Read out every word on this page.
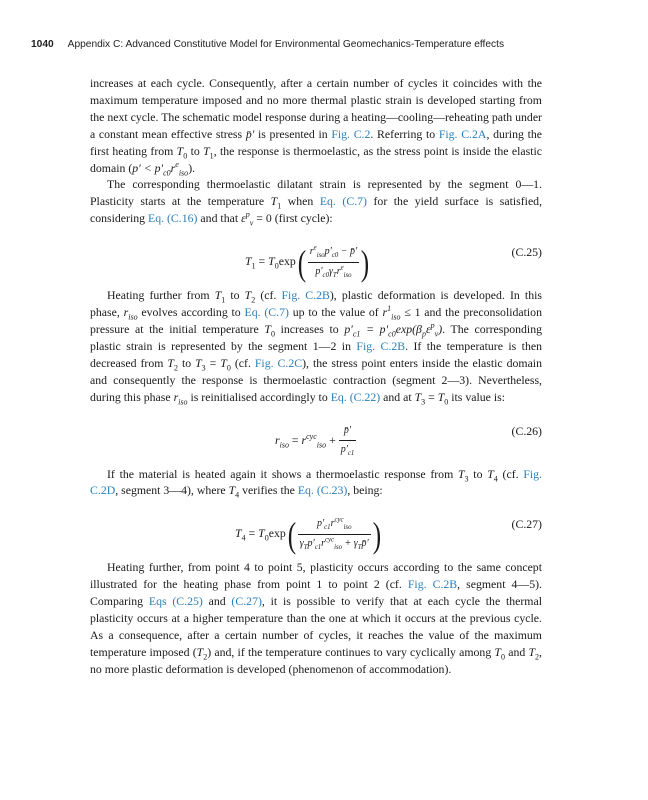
1040 Appendix C: Advanced Constitutive Model for Environmental Geomechanics-Temperature effects

increases at each cycle. Consequently, after a certain number of cycles it coincides with the maximum temperature imposed and no more thermal plastic strain is developed starting from the next cycle. The schematic model response during a heating—cooling—reheating path under a constant mean effective stress p̄′ is presented in Fig. C.2. Referring to Fig. C.2A, during the first heating from $T_0$ to $T_1$, the response is thermoelastic, as the stress point is inside the elastic domain $(p' < p'_{c0}r^e_{iso})$.

The corresponding thermoelastic dilatant strain is represented by the segment 0—1. Plasticity starts at the temperature $T_1$ when Eq. (C.7) for the yield surface is satisfied, considering Eq. (C.16) and that $\varepsilon^p_v = 0$ (first cycle):

$T_1 = T_0\exp( \frac{r^e_{iso}p'_{c0} - p̄'}{p'_{c0}\gamma_Tr^e_{iso}}$ )	(C.25)

Heating further from $T_1$ to $T_2$ (cf. Fig. C.2B), plastic deformation is developed. In this phase, $r_{iso}$ evolves according to Eq. (C.7) up to the value of $r^1_{iso} \le 1$ and the preconsolidation pressure at the initial temperature $T_0$ increases to $p'_{c1} = p'_{c0}\exp(\beta_p\varepsilon^p_v)$. The corresponding plastic strain is represented by the segment 1—2 in Fig. C.2B. If the temperature is then decreased from $T_2$ to $T_3 = T_0$ (cf. Fig. C.2C), the stress point enters inside the elastic domain and consequently the response is thermoelastic contraction (segment 2—3). Nevertheless, during this phase $r_{iso}$ is reinitialised accordingly to Eq. (C.22) and at $T_3 = T_0$ its value is:

$r_{iso} = r^{cyc}_{iso} + \frac{p̄'}{p'_{c1}}$	(C.26)

If the material is heated again it shows a thermoelastic response from $T_3$ to $T_4$ (cf. Fig. C.2D, segment 3—4), where $T_4$ verifies the Eq. (C.23), being:

$T_4 = T_0\exp( \frac{p'_{c1}r^{cyc}_{iso}}{\gamma_Tp'_{c1}r^{cyc}_{iso} + \gamma_Tp̄'}$ )	(C.27)

Heating further, from point 4 to point 5, plasticity occurs according to the same concept illustrated for the heating phase from point 1 to point 2 (cf. Fig. C.2B, segment 4—5). Comparing Eqs (C.25) and (C.27), it is possible to verify that at each cycle the thermal plasticity occurs at a higher temperature than the one at which it occurs at the previous cycle. As a consequence, after a certain number of cycles, it reaches the value of the maximum temperature imposed $(T_2)$ and, if the temperature continues to vary cyclically among $T_0$ and $T_2$, no more plastic deformation is developed (phenomenon of accommodation).
